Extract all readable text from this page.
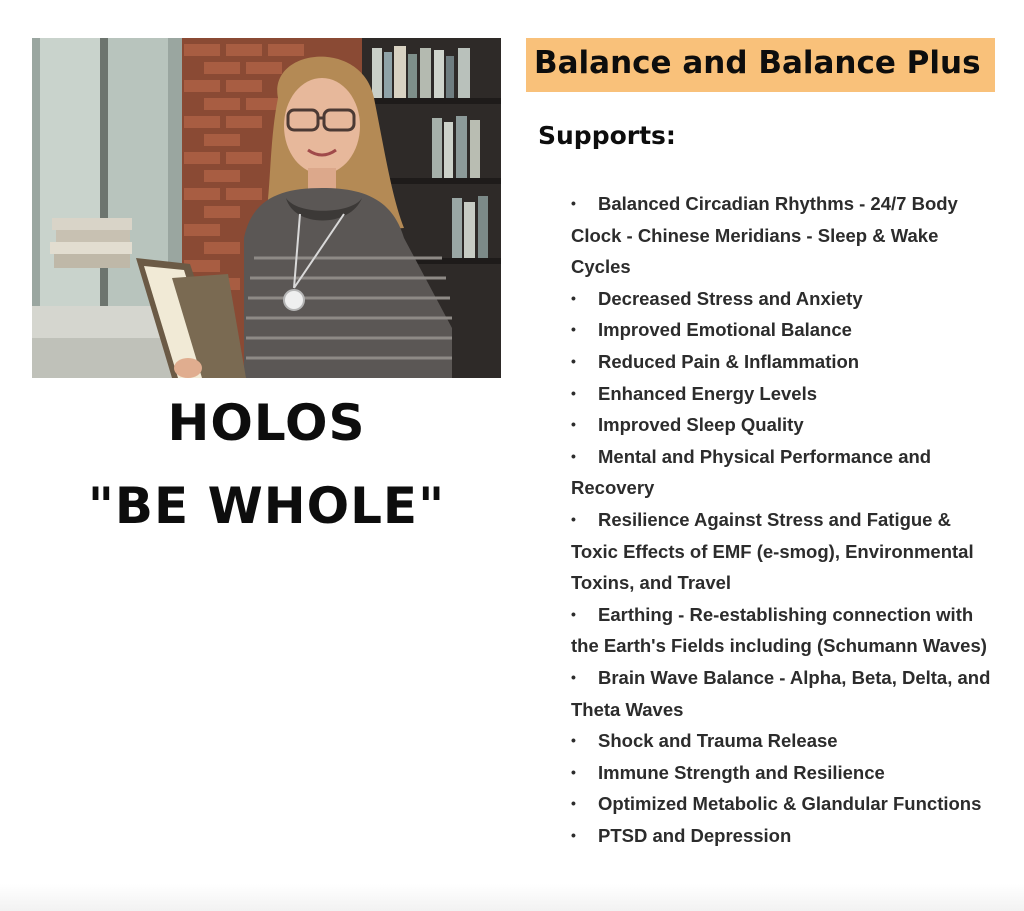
HOLOS
"BE WHOLE"
Balance and Balance Plus
Supports:
• Balanced Circadian Rhythms - 24/7 Body Clock - Chinese Meridians - Sleep & Wake Cycles
• Decreased Stress and Anxiety
• Improved Emotional Balance
• Reduced Pain & Inflammation
• Enhanced Energy Levels
• Improved Sleep Quality
• Mental and Physical Performance and Recovery
• Resilience Against Stress and Fatigue & Toxic Effects of EMF (e-smog), Environmental Toxins, and Travel
• Earthing - Re-establishing connection with the Earth's Fields including (Schumann Waves)
• Brain Wave Balance - Alpha, Beta, Delta, and Theta Waves
• Shock and Trauma Release
• Immune Strength and Resilience
• Optimized Metabolic & Glandular Functions
• PTSD and Depression
